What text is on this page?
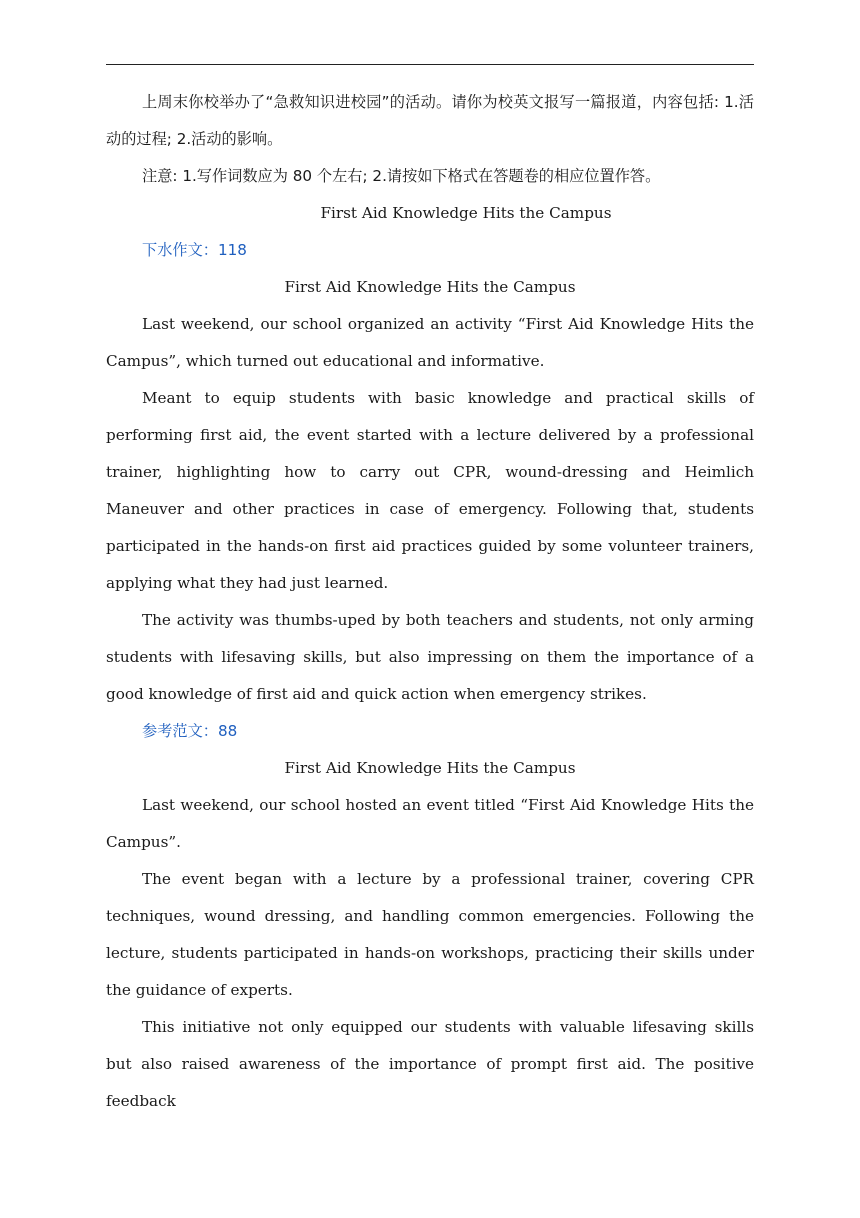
上周末你校举办了“急救知识进校园”的活动。请你为校英文报写一篇报道，内容包括: 1.活动的过程; 2.活动的影响。

注意: 1.写作词数应为 80 个左右; 2.请按如下格式在答题卷的相应位置作答。

First Aid Knowledge Hits the Campus

下水作文：118

First Aid Knowledge Hits the Campus

Last weekend, our school organized an activity “First Aid Knowledge Hits the Campus”, which turned out educational and informative.

Meant to equip students with basic knowledge and practical skills of performing first aid, the event started with a lecture delivered by a professional trainer, highlighting how to carry out CPR, wound-dressing and Heimlich Maneuver and other practices in case of emergency. Following that, students participated in the hands-on first aid practices guided by some volunteer trainers, applying what they had just learned.

The activity was thumbs-uped by both teachers and students, not only arming students with lifesaving skills, but also impressing on them the importance of a good knowledge of first aid and quick action when emergency strikes.

参考范文：88

First Aid Knowledge Hits the Campus

Last weekend, our school hosted an event titled “First Aid Knowledge Hits the Campus”.

The event began with a lecture by a professional trainer, covering CPR techniques, wound dressing, and handling common emergencies. Following the lecture, students participated in hands-on workshops, practicing their skills under the guidance of experts.

This initiative not only equipped our students with valuable lifesaving skills but also raised awareness of the importance of prompt first aid. The positive feedback
